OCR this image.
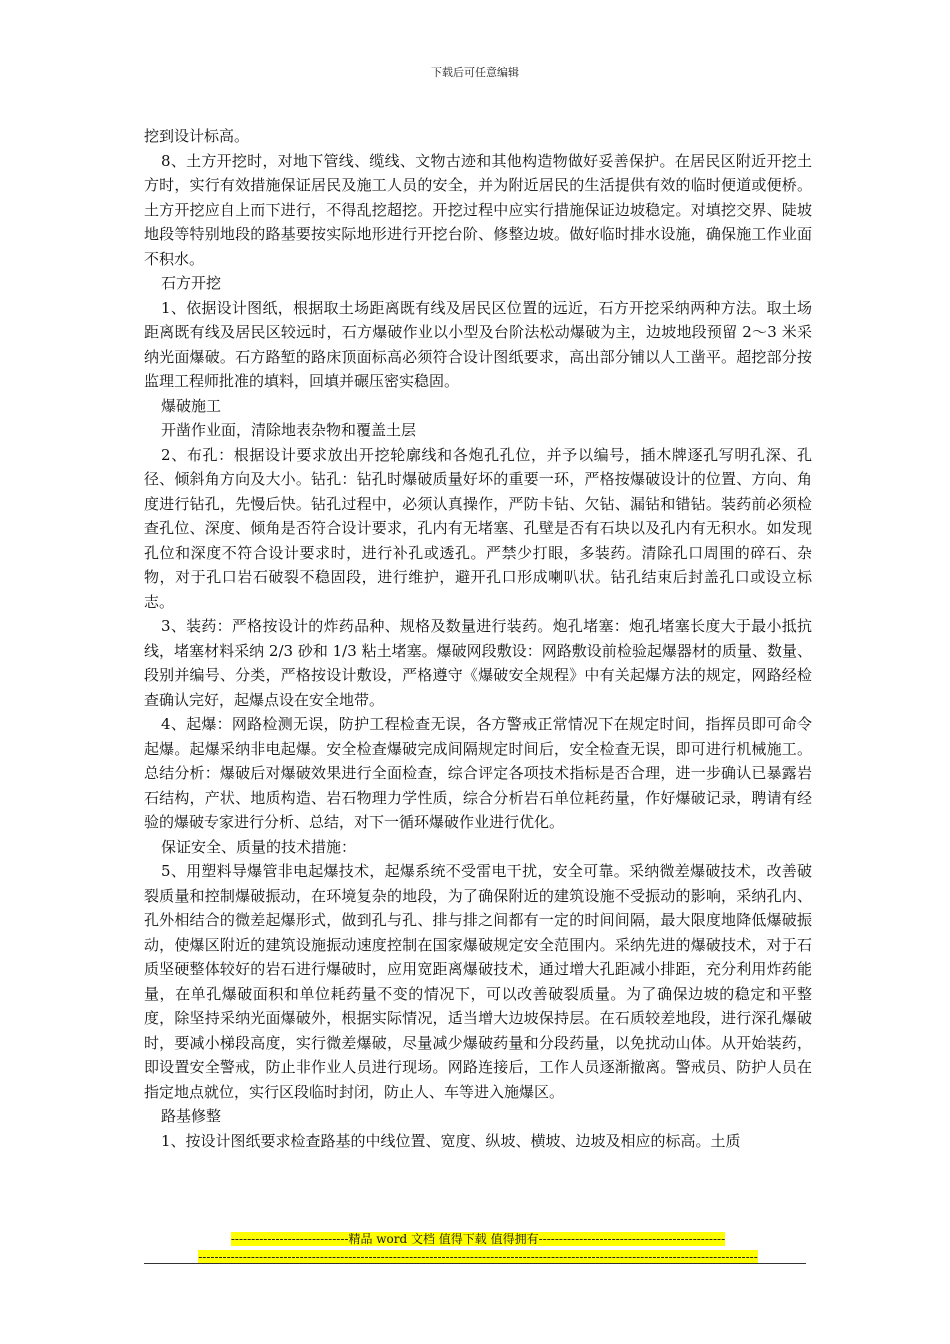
下载后可任意编辑

挖到设计标高。

8、土方开挖时，对地下管线、缆线、文物古迹和其他构造物做好妥善保护。在居民区附近开挖土方时，实行有效措施保证居民及施工人员的安全，并为附近居民的生活提供有效的临时便道或便桥。土方开挖应自上而下进行，不得乱挖超挖。开挖过程中应实行措施保证边坡稳定。对填挖交界、陡坡地段等特别地段的路基要按实际地形进行开挖台阶、修整边坡。做好临时排水设施，确保施工作业面不积水。

石方开挖

1、依据设计图纸，根据取土场距离既有线及居民区位置的远近，石方开挖采纳两种方法。取土场距离既有线及居民区较远时，石方爆破作业以小型及台阶法松动爆破为主，边坡地段预留 2～3 米采纳光面爆破。石方路堑的路床顶面标高必须符合设计图纸要求，高出部分铺以人工凿平。超挖部分按监理工程师批准的填料，回填并碾压密实稳固。

爆破施工

开凿作业面，清除地表杂物和覆盖土层

2、布孔：根据设计要求放出开挖轮廓线和各炮孔孔位，并予以编号，插木牌逐孔写明孔深、孔径、倾斜角方向及大小。钻孔：钻孔时爆破质量好坏的重要一环，严格按爆破设计的位置、方向、角度进行钻孔，先慢后快。钻孔过程中，必须认真操作，严防卡钻、欠钻、漏钻和错钻。装药前必须检查孔位、深度、倾角是否符合设计要求，孔内有无堵塞、孔壁是否有石块以及孔内有无积水。如发现孔位和深度不符合设计要求时，进行补孔或透孔。严禁少打眼，多装药。清除孔口周围的碎石、杂物，对于孔口岩石破裂不稳固段，进行维护，避开孔口形成喇叭状。钻孔结束后封盖孔口或设立标志。

3、装药：严格按设计的炸药品种、规格及数量进行装药。炮孔堵塞：炮孔堵塞长度大于最小抵抗线，堵塞材料采纳 2/3 砂和 1/3 粘土堵塞。爆破网段敷设：网路敷设前检验起爆器材的质量、数量、段别并编号、分类，严格按设计敷设，严格遵守《爆破安全规程》中有关起爆方法的规定，网路经检查确认完好，起爆点设在安全地带。

4、起爆：网路检测无误，防护工程检查无误，各方警戒正常情况下在规定时间，指挥员即可命令起爆。起爆采纳非电起爆。安全检查爆破完成间隔规定时间后，安全检查无误，即可进行机械施工。总结分析：爆破后对爆破效果进行全面检查，综合评定各项技术指标是否合理，进一步确认已暴露岩石结构，产状、地质构造、岩石物理力学性质，综合分析岩石单位耗药量，作好爆破记录，聘请有经验的爆破专家进行分析、总结，对下一循环爆破作业进行优化。

保证安全、质量的技术措施：

5、用塑料导爆管非电起爆技术，起爆系统不受雷电干扰，安全可靠。采纳微差爆破技术，改善破裂质量和控制爆破振动，在环境复杂的地段，为了确保附近的建筑设施不受振动的影响，采纳孔内、孔外相结合的微差起爆形式，做到孔与孔、排与排之间都有一定的时间间隔，最大限度地降低爆破振动，使爆区附近的建筑设施振动速度控制在国家爆破规定安全范围内。采纳先进的爆破技术，对于石质坚硬整体较好的岩石进行爆破时，应用宽距离爆破技术，通过增大孔距减小排距，充分利用炸药能量，在单孔爆破面积和单位耗药量不变的情况下，可以改善破裂质量。为了确保边坡的稳定和平整度，除坚持采纳光面爆破外，根据实际情况，适当增大边坡保持层。在石质较差地段，进行深孔爆破时，要减小梯段高度，实行微差爆破，尽量减少爆破药量和分段药量，以免扰动山体。从开始装药，即设置安全警戒，防止非作业人员进行现场。网路连接后，工作人员逐渐撤离。警戒员、防护人员在指定地点就位，实行区段临时封闭，防止人、车等进入施爆区。

路基修整

1、按设计图纸要求检查路基的中线位置、宽度、纵坡、横坡、边坡及相应的标高。土质

-----------------------------精品 word 文档 值得下载 值得拥有----------------------------------------------
------------------------------------------------------------------------------------------------------------------------------------------
